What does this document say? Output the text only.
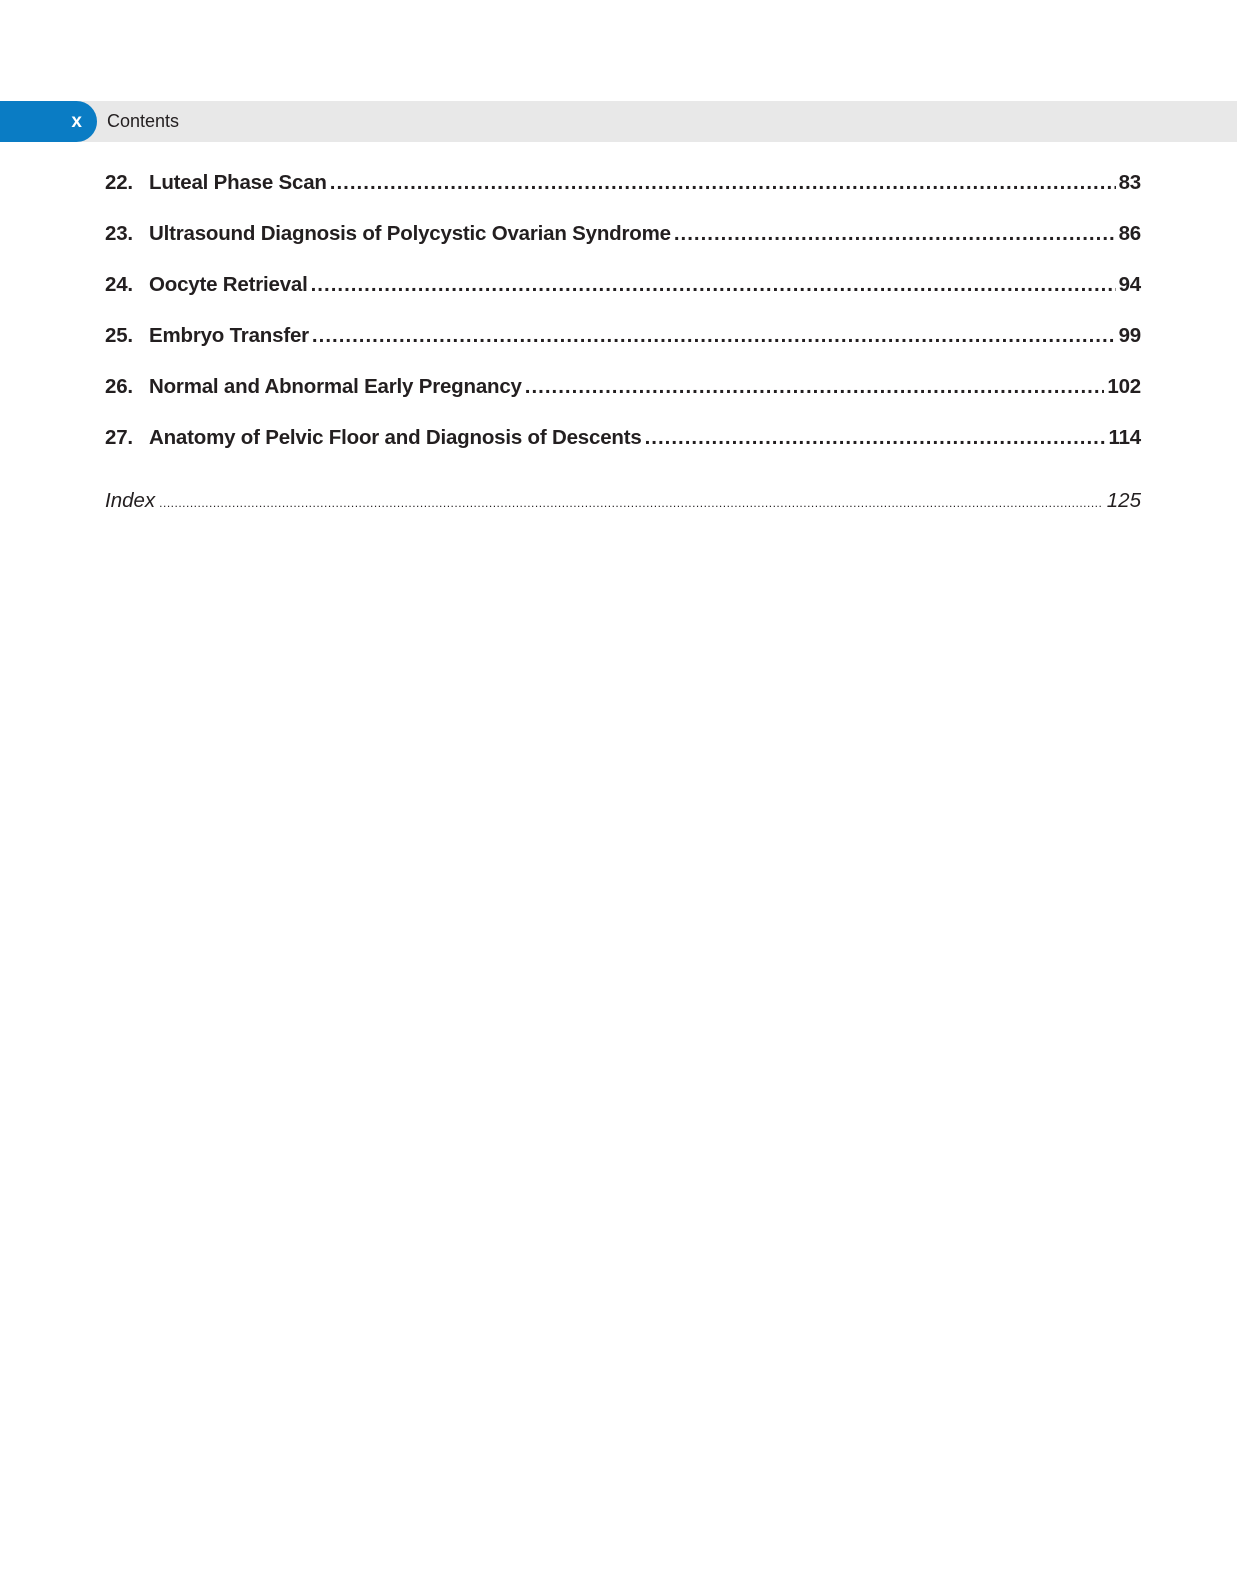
x Contents
22. Luteal Phase Scan .....	83
23. Ultrasound Diagnosis of Polycystic Ovarian Syndrome .....	86
24. Oocyte Retrieval .....	94
25. Embryo Transfer .....	99
26. Normal and Abnormal Early Pregnancy .....	102
27. Anatomy of Pelvic Floor and Diagnosis of Descents .....	114
Index .....	125
